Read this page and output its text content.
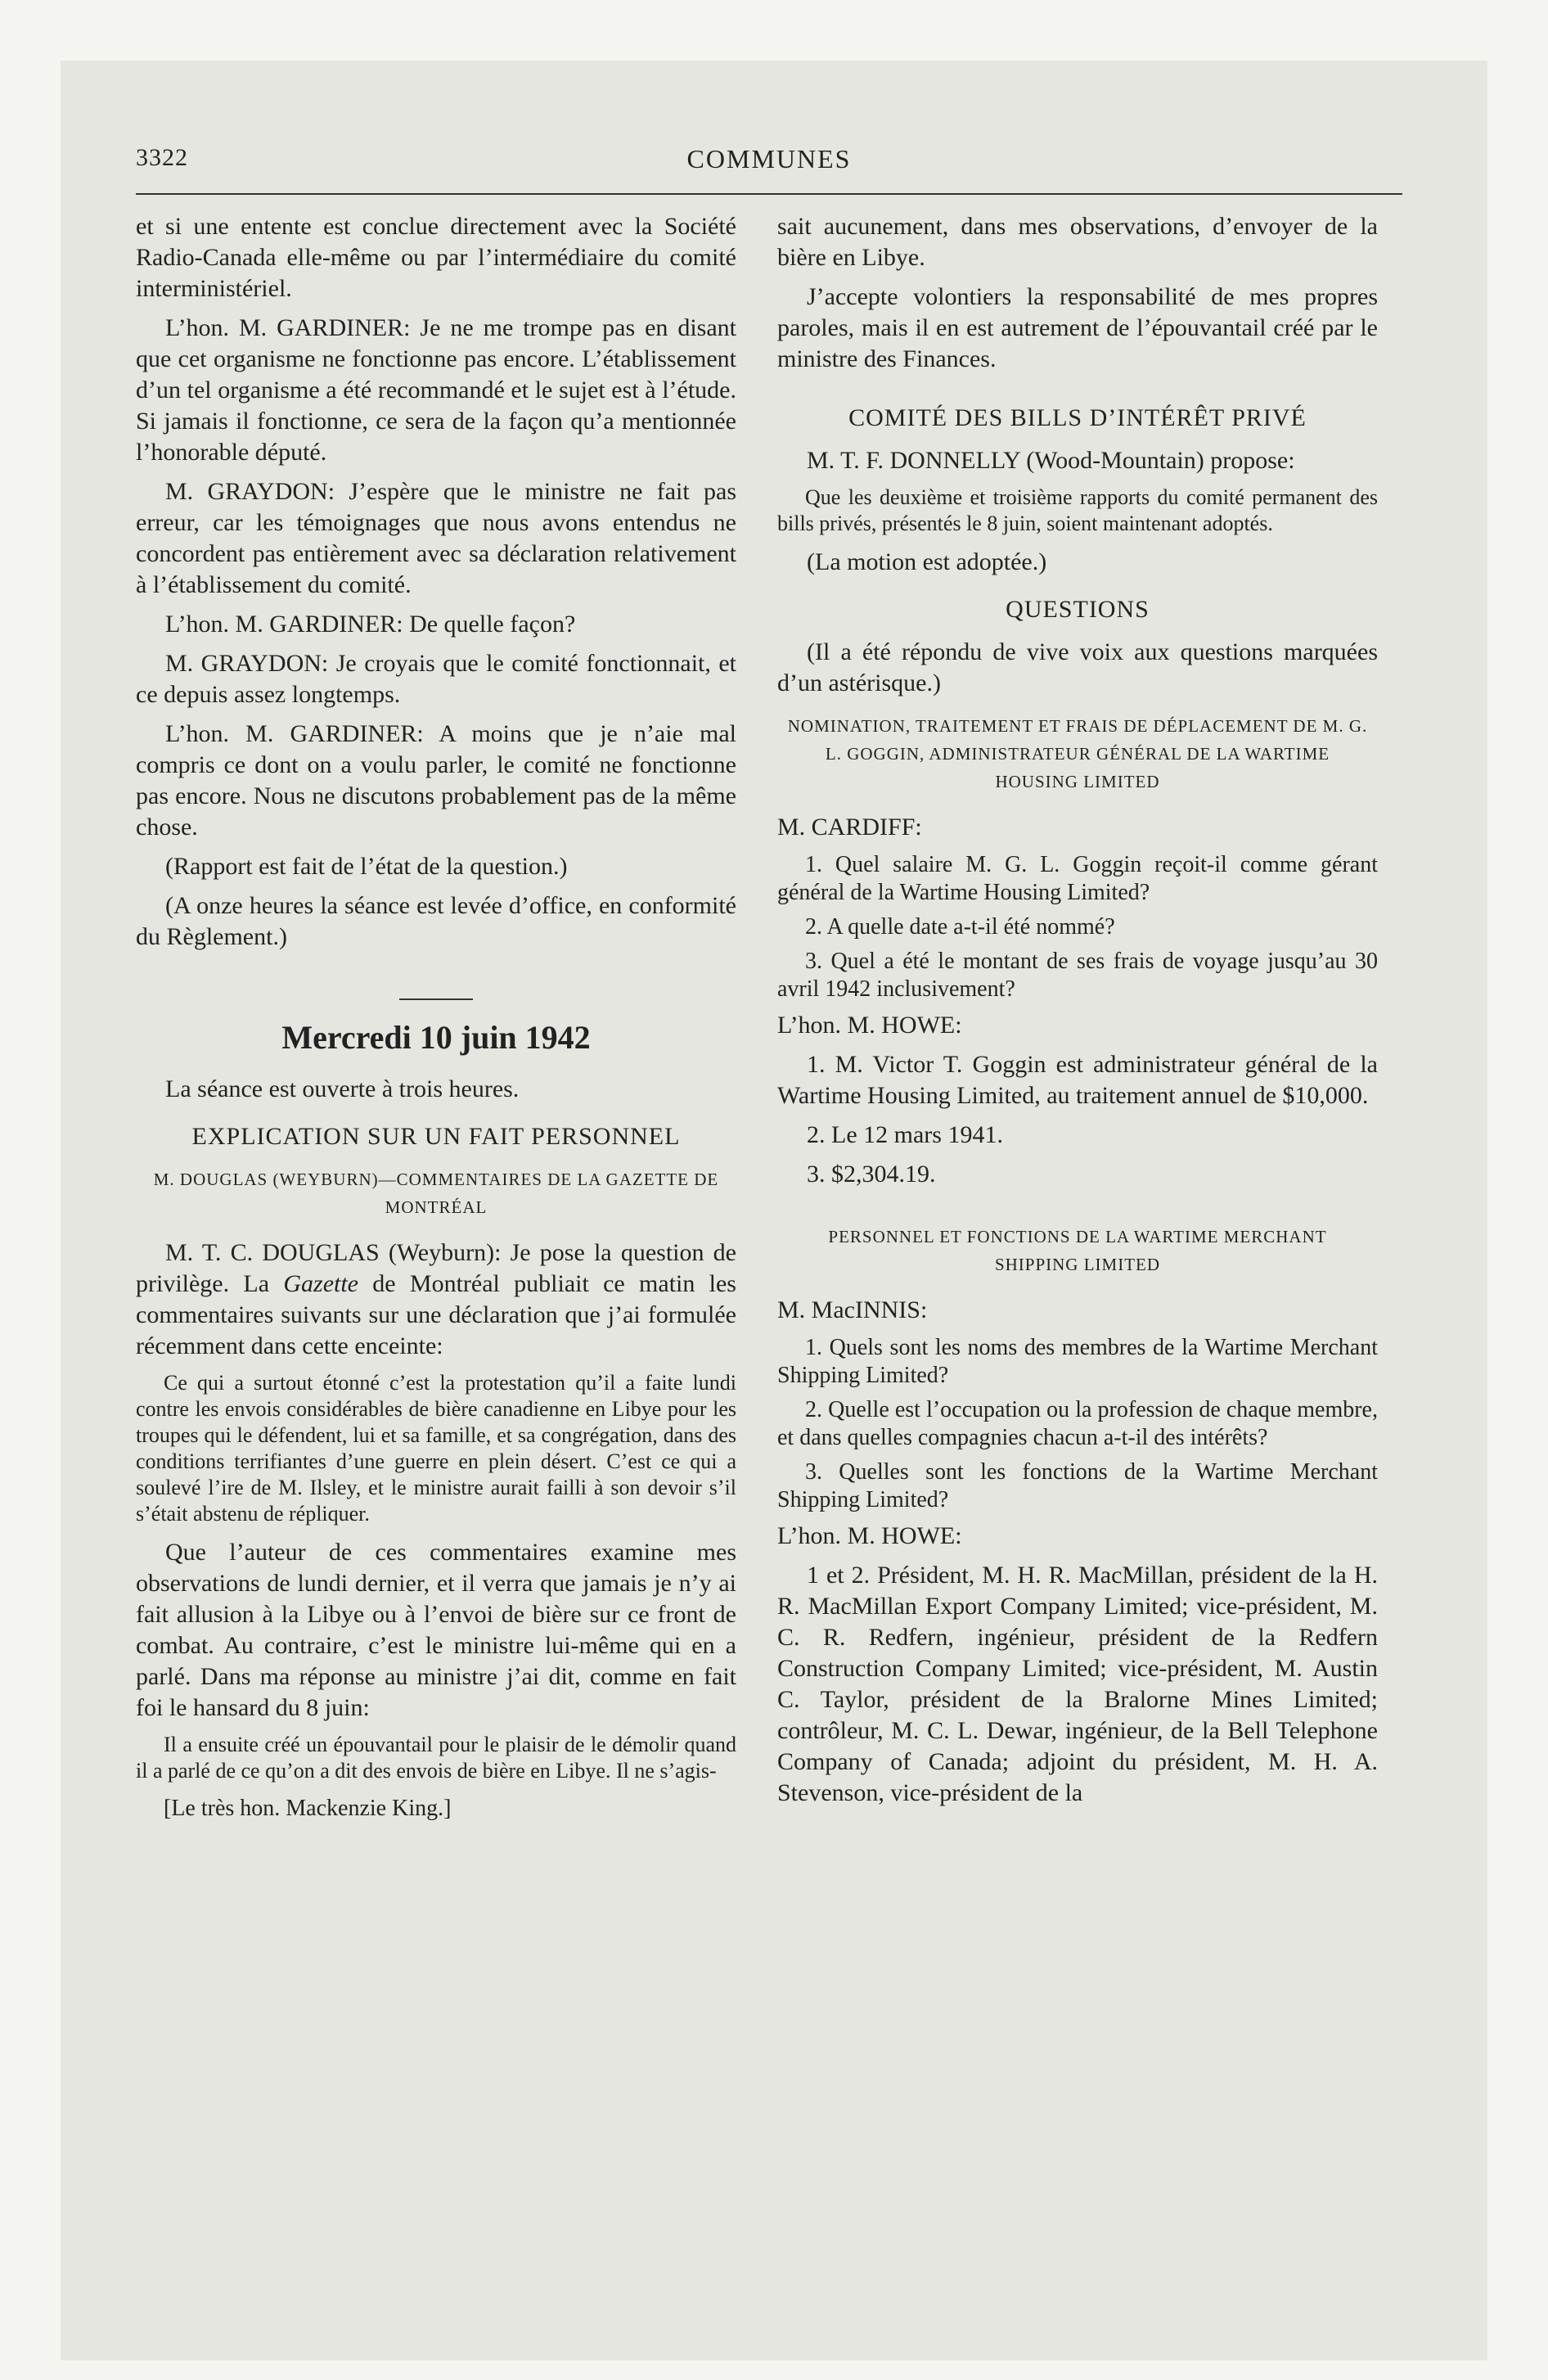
3322	COMMUNES

et si une entente est conclue directement avec la Société Radio-Canada elle-même ou par l’intermédiaire du comité interministériel.

L’hon. M. GARDINER: Je ne me trompe pas en disant que cet organisme ne fonctionne pas encore. L’établissement d’un tel organisme a été recommandé et le sujet est à l’étude. Si jamais il fonctionne, ce sera de la façon qu’a mentionnée l’honorable député.

M. GRAYDON: J’espère que le ministre ne fait pas erreur, car les témoignages que nous avons entendus ne concordent pas entièrement avec sa déclaration relativement à l’établissement du comité.

L’hon. M. GARDINER: De quelle façon?

M. GRAYDON: Je croyais que le comité fonctionnait, et ce depuis assez longtemps.

L’hon. M. GARDINER: A moins que je n’aie mal compris ce dont on a voulu parler, le comité ne fonctionne pas encore. Nous ne discutons probablement pas de la même chose.

(Rapport est fait de l’état de la question.)

(A onze heures la séance est levée d’office, en conformité du Règlement.)

Mercredi 10 juin 1942

La séance est ouverte à trois heures.

EXPLICATION SUR UN FAIT PERSONNEL
M. DOUGLAS (WEYBURN)—COMMENTAIRES DE LA GAZETTE DE MONTRÉAL

M. T. C. DOUGLAS (Weyburn): Je pose la question de privilège. La Gazette de Montréal publiait ce matin les commentaires suivants sur une déclaration que j’ai formulée récemment dans cette enceinte:

Ce qui a surtout étonné c’est la protestation qu’il a faite lundi contre les envois considérables de bière canadienne en Libye pour les troupes qui le défendent, lui et sa famille, et sa congrégation, dans des conditions terrifiantes d’une guerre en plein désert. C’est ce qui a soulevé l’ire de M. Ilsley, et le ministre aurait failli à son devoir s’il s’était abstenu de répliquer.

Que l’auteur de ces commentaires examine mes observations de lundi dernier, et il verra que jamais je n’y ai fait allusion à la Libye ou à l’envoi de bière sur ce front de combat. Au contraire, c’est le ministre lui-même qui en a parlé. Dans ma réponse au ministre j’ai dit, comme en fait foi le hansard du 8 juin:

Il a ensuite créé un épouvantail pour le plaisir de le démolir quand il a parlé de ce qu’on a dit des envois de bière en Libye. Il ne s’agis-

[Le très hon. Mackenzie King.]

sait aucunement, dans mes observations, d’envoyer de la bière en Libye.

J’accepte volontiers la responsabilité de mes propres paroles, mais il en est autrement de l’épouvantail créé par le ministre des Finances.

COMITÉ DES BILLS D’INTÉRÊT PRIVÉ

M. T. F. DONNELLY (Wood-Mountain) propose:

Que les deuxième et troisième rapports du comité permanent des bills privés, présentés le 8 juin, soient maintenant adoptés.

(La motion est adoptée.)

QUESTIONS

(Il a été répondu de vive voix aux questions marquées d’un astérisque.)

NOMINATION, TRAITEMENT ET FRAIS DE DÉPLACEMENT DE M. G. L. GOGGIN, ADMINISTRATEUR GÉNÉRAL DE LA WARTIME HOUSING LIMITED

M. CARDIFF:

1. Quel salaire M. G. L. Goggin reçoit-il comme gérant général de la Wartime Housing Limited?

2. A quelle date a-t-il été nommé?

3. Quel a été le montant de ses frais de voyage jusqu’au 30 avril 1942 inclusivement?

L’hon. M. HOWE:

1. M. Victor T. Goggin est administrateur général de la Wartime Housing Limited, au traitement annuel de $10,000.

2. Le 12 mars 1941.

3. $2,304.19.

PERSONNEL ET FONCTIONS DE LA WARTIME MERCHANT SHIPPING LIMITED

M. MacINNIS:

1. Quels sont les noms des membres de la Wartime Merchant Shipping Limited?

2. Quelle est l’occupation ou la profession de chaque membre, et dans quelles compagnies chacun a-t-il des intérêts?

3. Quelles sont les fonctions de la Wartime Merchant Shipping Limited?

L’hon. M. HOWE:

1 et 2. Président, M. H. R. MacMillan, président de la H. R. MacMillan Export Company Limited; vice-président, M. C. R. Redfern, ingénieur, président de la Redfern Construction Company Limited; vice-président, M. Austin C. Taylor, président de la Bralorne Mines Limited; contrôleur, M. C. L. Dewar, ingénieur, de la Bell Telephone Company of Canada; adjoint du président, M. H. A. Stevenson, vice-président de la
